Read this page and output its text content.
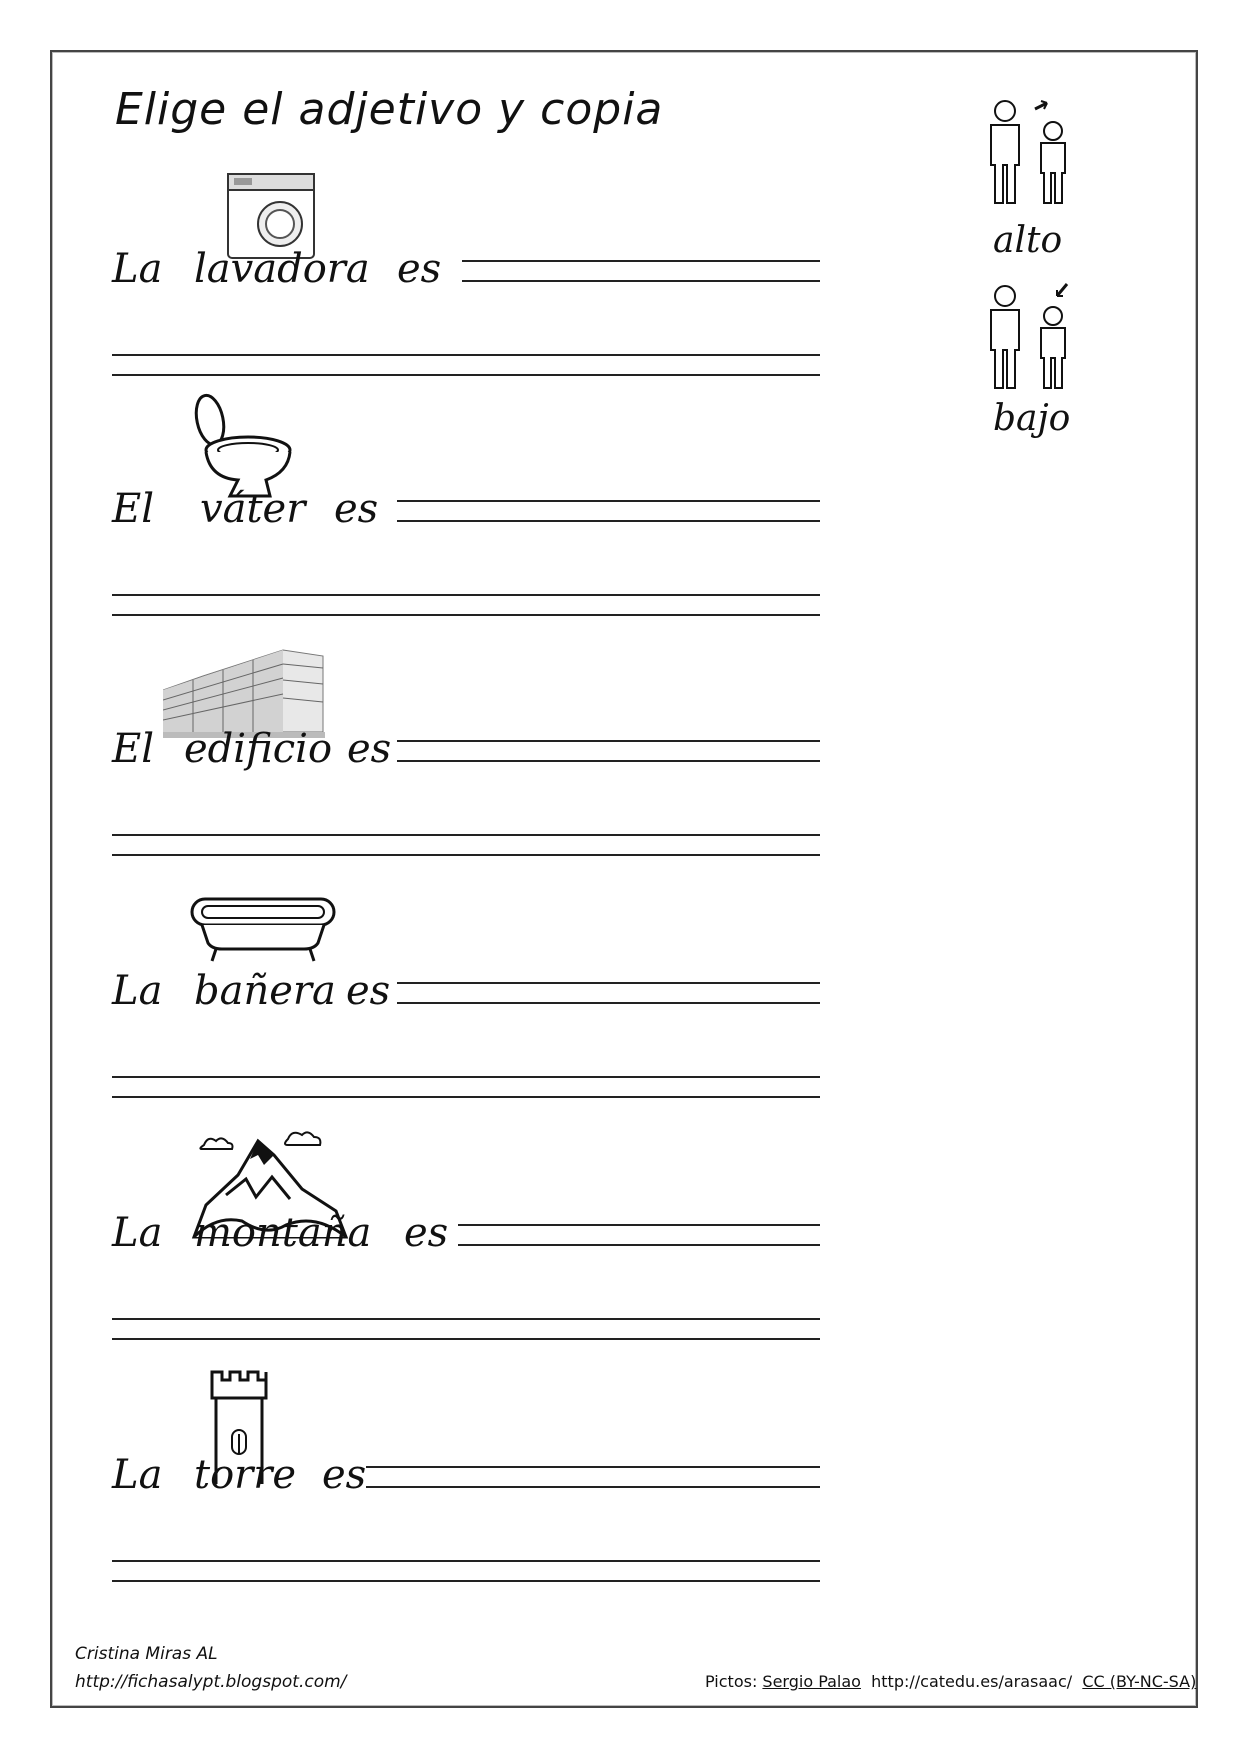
Elige el adjetivo y copia
La lavadora es
El váter es
El edificio es
La bañera es
La montaña es
La torre es
alto
bajo
Cristina Miras AL
http://fichasalypt.blogspot.com/	Pictos: Sergio Palao http://catedu.es/arasaac/ CC (BY-NC-SA)
